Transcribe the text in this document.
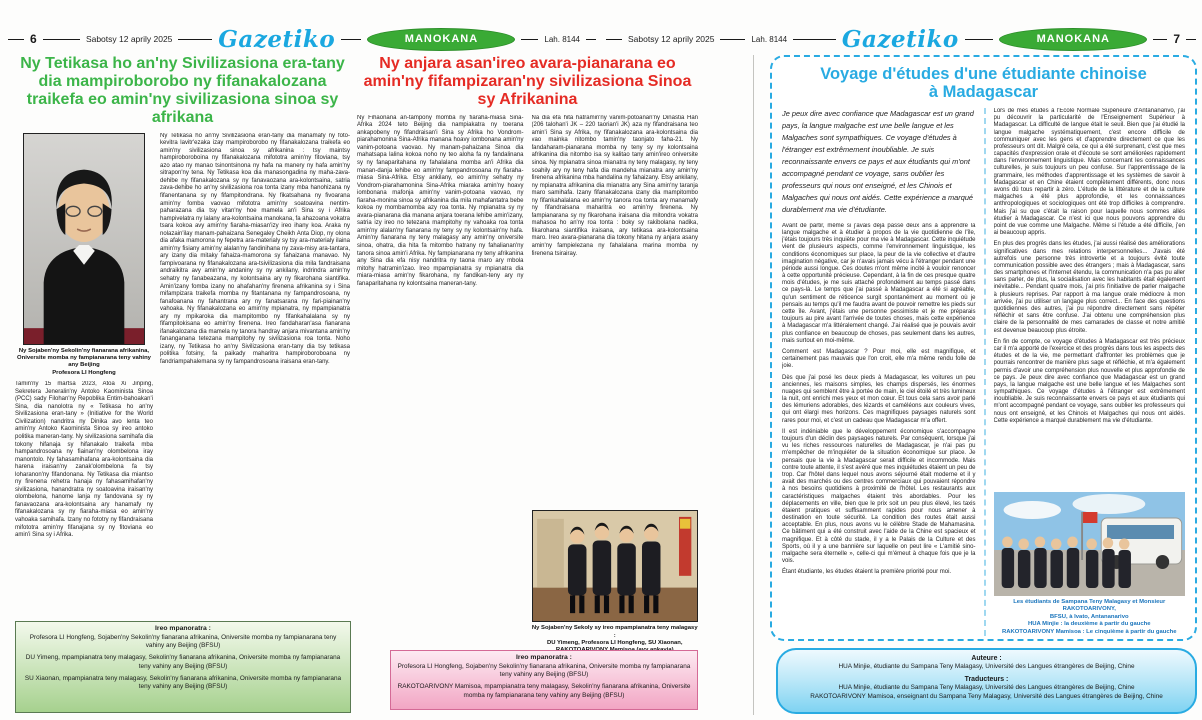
6	Sabotsy 12 aprily 2025 Gazetiko	MANOKANA	Lah. 8144	Sabotsy 12 aprily 2025	Lah. 8144 Gazetiko	MANOKANA	7
Ny Tetikasa ho an'ny Sivilizasiona era-tany dia mampiroborobo ny fifanakalozana traikefa eo amin'ny sivilizasiona sinoa sy afrikana
Ny Sojaben'ny Sekolin'ny fianarana afrikanina,
Oniversite momba ny fampianarana teny vahiny any Beijing
Profesora LI Hongfeng
Tamin'ny 15 martsa 2023, Atoa Xi Jinping, Sekretera Jeneralin'ny Antoko Kaominista Sinoa (PCC) sady Filohan'ny Repoblika Entim-bahoakan'i Sina, dia nanolotra ny « Tetikasa ho an'ny Sivilizasiona eran-tany » (Initiative for the World Civilization) nandritra ny Dinika avo lenta teo amin'ny Antoko Kaominista Sinoa sy ireo antoko politika maneran-tany. Ny sivilizasiona samihafa dia tokony hifanaja sy hifanakalo traikefa mba hampandrosoana ny fiainan'ny olombelona iray manontolo. Ny fahasamihafana ara-kolontsaina dia harena iraisan'ny zanak'olombelona fa tsy loharanon'ny fifandonana. Ny Tetikasa dia miantso ny firenena rehetra hanaja ny fahasamihafan'ny sivilizasiona, hanandratra ny soatoavina iraisan'ny olombelona, hanome lanja ny fandovana sy ny fanavaozana ara-kolontsaina ary hanamafy ny fifanakalozana sy ny fiaraha-miasa eo amin'ny vahoaka samihafa. Izany no fototry ny fifandraisana mifototra amin'ny fifanajana sy ny fitoviana eo amin'i Sina sy i Afrika.
Ny Tetikasa ho an'ny Sivilizasiona eran-tany dia manamafy ny foto-kevitra lavitr'ezaka izay mampiroborobo ny fifanakalozana traikefa eo amin'ny sivilizasiona sinoa sy afrikanina : tsy maintsy hampiroboroboina ny fifanakalozana mifototra amin'ny fitoviana, tsy azo atao ny manao tsinontsinona ny hafa na manery ny hafa amin'ny sitrapon'ny tena. Ny Tetikasa koa dia manasongadina ny maha-zava-dehibe ny fifanakalozana sy ny fanavaozana ara-kolontsaina, satria zava-dehibe ho an'ny sivilizasiona roa tonta izany mba hanohizana ny fifanentanana sy ny fifampitondrana. Ny fikatsahana ny fivoarana amin'ny fomba vaovao mifototra amin'ny soatoavina nentim-paharazana dia tsy vitan'ny hoe mamela an'i Sina sy i Afrika hampivelatra ny lalany ara-kolontsaina manokana, fa ahazoana vokatra tsara kokoa avy amin'ny fiaraha-miasan'izy ireo ihany koa. Araka ny nolazain'ilay manam-pahaizana Senegaley Cheikh Anta Diop, ny olona dia afaka mamorona ny fepetra ara-materialy sy tsy ara-materialy ilaina amin'ny fisiany amin'ny alalan'ny fandinihana ny zava-misy ara-tantara, ary izany dia mitaky fahaiza-mamorona sy fahaizana manavao. Ny fampivoarana ny fifanakalozana ara-tsivilizasiona dia mila fandraisana andraikitra avy amin'ny andaniny sy ny ankilany, indrindra amin'ny sehatry ny fanabeazana, ny kolontsaina ary ny fikarohana siantifika. Amin'izany fomba izany no ahafahan'ny firenena afrikanina sy i Sina mifampizara traikefa momba ny fitantanana ny fampandrosoana, ny fanafoanana ny fahantrana ary ny fanatsarana ny fari-piainan'ny vahoaka. Ny fifanakalozana eo amin'ny mpianatra, ny mpampianatra ary ny mpikaroka dia mampitombo ny fifankahalalana sy ny fifampitokisana eo amin'ny firenena. Ireo fandaharan'asa fianarana ifanakalozana dia mamela ny tanora handray anjara mivantana amin'ny fananganana tetezana mampitohy ny sivilizasiona roa tonta. Noho izany, ny Tetikasa ho an'ny Sivilizasiona eran-tany dia tsy tetikasa politika fotsiny, fa paikady maharitra hampiroboroboana ny fandriampahalemana sy ny fampandrosoana iraisana eran-tany.
Ireo mpanoratra :

Profesora LI Hongfeng, Sojaben'ny Sekolin'ny fianarana afrikanina, Oniversite momba ny fampianarana teny vahiny any Beijing (BFSU)

DU Yimeng, mpampianatra teny malagasy, Sekolin'ny fianarana afrikanina, Oniversite momba ny fampianarana teny vahiny any Beijing (BFSU)

SU Xiaonan, mpampianatra teny malagasy, Sekolin'ny fianarana afrikanina, Oniversite momba ny fampianarana teny vahiny any Beijing (BFSU)

Ny anjara asan'ireo avara-pianarana eo amin'ny fifampizaran'ny sivilizasiona Sinoa sy Afrikanina
Ny Fihaonana an-tampony momba ny fiaraha-miasa Sina-Afrika 2024 teto Beijing dia nampiakatra ny toerana ankapobeny ny fifandraisan'i Sina sy Afrika ho Vondrom-piarahamonina Sina-Afrika manana hoavy iombonana amin'ny vanim-potoana vaovao. Ny manam-pahaizana Sinoa dia mahatsapa lalina kokoa noho ny teo aloha fa ny fandalinana sy ny fanaparitahana ny fahalalana momba an'i Afrika dia manan-danja lehibe eo amin'ny fampandrosoana ny fiaraha-miasa Sina-Afrika. Etsy ankilany, eo amin'ny sehatry ny Vondrom-piarahamonina Sina-Afrika miaraka amin'ny hoavy iombonana mafonja amin'ny vanim-potoana vaovao, ny fiaraha-monina sinoa sy afrikanina dia mila mahafantatra bebe kokoa ny mombamomba azy roa tonta. Ny mpianatra sy ny avara-pianarana dia manana anjara toerana lehibe amin'izany, satria izy ireo no tetezana mampitohy ny vahoaka roa tonta amin'ny alalan'ny fianarana ny teny sy ny kolontsain'ny hafa. Amin'ny fianarana ny teny malagasy any amin'ny oniversite sinoa, ohatra, dia hita fa mitombo hatrany ny fahalianan'ny tanora sinoa amin'i Afrika. Ny fampianarana ny teny afrikanina any Sina dia efa nisy nandritra ny taona maro ary mbola mitohy hatramin'izao. Ireo mpampianatra sy mpianatra dia miara-miasa amin'ny fikarohana, ny fandikan-teny ary ny fanaparitahana ny kolontsaina maneran-tany.
Na dia efa hita hatramin'ny vanim-potoanan'ny Dinastia Han (206 talohan'i JK – 220 taorian'i JK) aza ny fifandraisana teo amin'i Sina sy Afrika, ny fifanakalozana ara-kolontsaina dia vao mainka nitombo tamin'ny taonjato faha-21. Ny fandaharam-pianarana momba ny teny sy ny kolontsaina afrikanina dia nitombo isa sy kalitao tany amin'ireo oniversite sinoa. Ny mpianatra sinoa mianatra ny teny malagasy, ny teny soahily ary ny teny hafa dia mandeha mianatra any amin'ny firenena afrikanina mba handalina ny fahaizany. Etsy ankilany, ny mpianatra afrikanina dia mianatra any Sina amin'ny taranja maro samihafa. Izany fifanakalozana izany dia mampitombo ny fifankahalalana eo amin'ny tanora roa tonta ary manamafy ny fifandraisana maharitra eo amin'ny firenena. Ny fampianarana sy ny fikarohana iraisana dia mitondra vokatra mahasoa ho an'ny roa tonta : boky sy rakibolana nadika, fikarohana siantifika iraisana, ary tetikasa ara-kolontsaina maro. Ireo avara-pianarana dia tokony hitana ny anjara asany amin'ny fampielezana ny fahalalana marina momba ny firenena tsirairay.
Ny Sojaben'ny Sekoly sy ireo mpampianatra teny malagasy :
DU Yimeng, Profesora LI Hongfeng, SU Xiaonan,
Ireo mpanoratra :

Profesora LI Hongfeng, Sojaben'ny Sekolin'ny fianarana afrikanina, Oniversite momba ny fampianarana teny vahiny any Beijing (BFSU)

RAKOTOARIVONY Mamisoa, mpampianatra teny malagasy, Sekolin'ny fianarana afrikanina, Oniversite momba ny fampianarana teny vahiny any Beijing (BFSU)

Voyage d'études d'une étudiante chinoise
à Madagascar
Je peux dire avec confiance que Madagascar est un grand pays, la langue malgache est une belle langue et les Malgaches sont sympathiques. Ce voyage d'études à l'étranger est extrêmement inoubliable. Je suis reconnaissante envers ce pays et aux étudiants qui m'ont accompagné pendant ce voyage, sans oublier les professeurs qui nous ont enseigné, et les Chinois et Malgaches qui nous ont aidés. Cette expérience a marqué durablement ma vie d'étudiante.

Avant de partir, même si j'avais déjà passé deux ans à apprendre la langue malgache et à étudier à propos de la vie quotidienne de l'île, j'étais toujours très inquiète pour ma vie à Madagascar. Cette inquiétude vient de plusieurs aspects, comme l'environnement linguistique, les conditions économiques sur place, la peur de la vie collective et d'autre imagination négative, car je n'avais jamais vécu à l'étranger pendant une période aussi longue. Ces doutes m'ont même incité à vouloir renoncer à cette opportunité précieuse. Cependant, à la fin de ces presque quatre mois d'études, je me suis attaché profondément au temps passé dans ce pays-là. Le temps que j'ai passé à Madagascar a été si agréable, qu'un sentiment de réticence surgit spontanément au moment où je pensais au temps qu'il me faudra avant de pouvoir remettre les pieds sur cette île. Avant, j'étais une personne pessimiste et je me préparais toujours au pire avant l'arrivée de toutes choses, mais cette expérience à Madagascar m'a littéralement changé. J'ai réalisé que je pouvais avoir plus confiance en beaucoup de choses, pas seulement dans les autres, mais surtout en moi-même.

Comment est Madagascar ? Pour moi, elle est magnifique, et certainement pas mauvais que l'on croit, elle m'a même rendu folle de joie.

Dès que j'ai posé les deux pieds à Madagascar, les voitures un peu anciennes, les maisons simples, les champs dispersés, les énormes nuages qui semblent être à portée de main, le ciel étoilé et très lumineux la nuit, ont enrichi mes yeux et mon cœur. Et tous cela sans avoir parlé des lémuriens adorables, des lézards et caméléons aux couleurs vives, qui ont élargi mes horizons. Ces magnifiques paysages naturels sont rares pour moi, et c'est un cadeau que Madagascar m'a offert.

Il est indéniable que le développement économique s'accompagne toujours d'un déclin des paysages naturels. Par conséquent, lorsque j'ai vu les riches ressources naturelles de Madagascar, je n'ai pas pu m'empêcher de m'inquiéter de la situation économique sur place. Je pensais que la vie à Madagascar serait difficile et incommode. Mais contre toute attente, il s'est avéré que mes inquiétudes étaient un peu de trop. Car l'hôtel dans lequel nous avons séjourné était moderne et il y avait des marchés ou des centres commerciaux qui pouvaient répondre à nos besoins quotidiens à proximité de l'hôtel. Les restaurants aux caractéristiques malgaches étaient très abordables. Pour les déplacements en ville, bien que le prix soit un peu plus élevé, les taxis étaient pratiques et suffisamment rapides pour nous amener à destination en toute sécurité. La condition des routes était aussi acceptable. En plus, nous avons vu le célèbre Stade de Mahamasina. Ce bâtiment qui a été construit avec l'aide de la Chine est spacieux et magnifique. Et à côté du stade, il y a le Palais de la Culture et des Sports, où il y a une bannière sur laquelle on peut lire « L'amitié sino-malgache sera éternelle », celle-ci qui m'émeut à chaque fois que je la vois.

Étant étudiante, les études étaient la première priorité pour moi.

Lors de mes études à l'École Normale Supérieure d'Antananarivo, j'ai pu découvrir la particularité de l'Enseignement Supérieur à Madagascar. La difficulté de langue était le seuil. Bien que j'ai étudié la langue malgache systématiquement, c'est encore difficile de communiquer avec les gens et d'apprendre directement ce que les professeurs ont dit. Malgré cela, ce qui a été surprenant, c'est que mes capacités d'expression orale et d'écoute se sont améliorées rapidement dans l'environnement linguistique. Mais concernant les connaissances culturelles, je suis toujours un peu confuse. Sur l'apprentissage de la grammaire, les méthodes d'apprentissage et les systèmes de savoir à Madagascar et en Chine étaient complètement différents, donc nous avons dû tous repartir à zéro. L'étude de la littérature et de la culture malgaches a été plus approfondie, et les connaissances anthropologiques et sociologiques ont été trop difficiles à comprendre. Mais j'ai su que c'était la raison pour laquelle nous sommes allés étudier à Madagascar. Ce n'est ici que nous pouvons apprendre du point de vue comme une Malgache. Même si l'étude a été difficile, j'en ai beaucoup appris.

En plus des progrès dans les études, j'ai aussi réalisé des améliorations significatives dans mes relations interpersonnelles... J'avais été autrefois une personne très introvertie et a toujours évité toute communication possible avec des étrangers ; mais à Madagascar, sans des smartphones et l'Internet étendu, la communication n'a pas pu aller sans parler, de plus, la socialisation avec les habitants était également inévitable... Pendant quatre mois, j'ai pris l'initiative de parler malgache à plusieurs reprises. Par rapport à ma langue orale médiocre à mon arrivée, j'ai pu utiliser un langage plus correct... En face des questions quotidiennes des autres, j'ai pu répondre directement sans répéter réfléchir et sans être confuse. J'ai obtenu une compréhension plus claire de la personnalité de mes camarades de classe et notre amitié est devenue beaucoup plus étroite.

En fin de compte, ce voyage d'études à Madagascar est très précieux car il m'a apporté de l'exercice et des progrès dans tous les aspects des études et de la vie, me permettant d'affronter les problèmes que je pourrais rencontrer de manière plus sage et réfléchie, et m'a également permis d'avoir une compréhension plus nouvelle et plus approfondie de ce pays. Je peux dire avec confiance que Madagascar est un grand pays, la langue malgache est une belle langue et les Malgaches sont sympathiques. Ce voyage d'études à l'étranger est extrêmement inoubliable. Je suis reconnaissante envers ce pays et aux étudiants qui m'ont accompagné pendant ce voyage, sans oublier les professeurs qui nous ont enseigné, et les Chinois et Malgaches qui nous ont aidés. Cette expérience a marqué durablement ma vie d'étudiante.

Les étudiants de Sampana Teny Malagasy et Monsieur RAKOTOARIVONY,
BFSU, à Ivato, Antananarivo
HUA Minjie : la deuxième à partir du gauche
RAKOTOARIVONY Mamisoa : Le cinquième à partir du gauche
Auteure :
HUA Minjie, étudiante du Sampana Teny Malagasy, Université des Langues étrangères de Beijing, Chine
Traducteurs :
HUA Minjie, étudiante du Sampana Teny Malagasy, Université des Langues étrangères de Beijing, Chine
RAKOTOARIVONY Mamisoa, enseignant du Sampana Teny Malagasy, Université des Langues étrangères de Beijing, Chine
